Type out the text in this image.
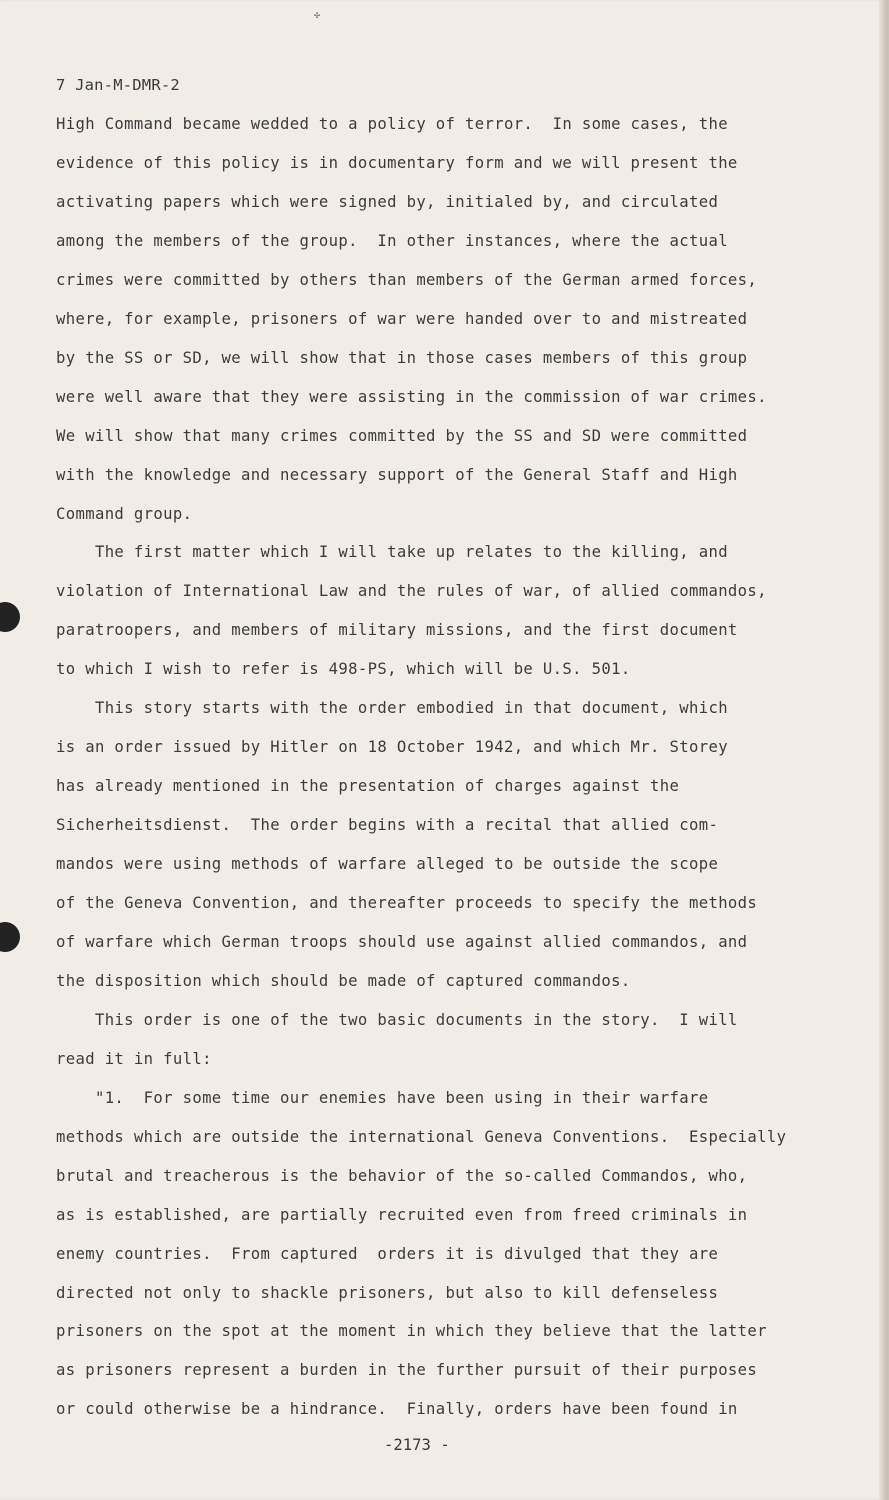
✣
7 Jan-M-DMR-2
High Command became wedded to a policy of terror.  In some cases, the
evidence of this policy is in documentary form and we will present the
activating papers which were signed by, initialed by, and circulated
among the members of the group.  In other instances, where the actual
crimes were committed by others than members of the German armed forces,
where, for example, prisoners of war were handed over to and mistreated
by the SS or SD, we will show that in those cases members of this group
were well aware that they were assisting in the commission of war crimes.
We will show that many crimes committed by the SS and SD were committed
with the knowledge and necessary support of the General Staff and High
Command group.
The first matter which I will take up relates to the killing, and
violation of International Law and the rules of war, of allied commandos,
paratroopers, and members of military missions, and the first document
to which I wish to refer is 498-PS, which will be U.S. 501.
This story starts with the order embodied in that document, which
is an order issued by Hitler on 18 October 1942, and which Mr. Storey
has already mentioned in the presentation of charges against the
Sicherheitsdienst.  The order begins with a recital that allied com-
mandos were using methods of warfare alleged to be outside the scope
of the Geneva Convention, and thereafter proceeds to specify the methods
of warfare which German troops should use against allied commandos, and
the disposition which should be made of captured commandos.
This order is one of the two basic documents in the story.  I will
read it in full:
"1.  For some time our enemies have been using in their warfare
methods which are outside the international Geneva Conventions.  Especially
brutal and treacherous is the behavior of the so-called Commandos, who,
as is established, are partially recruited even from freed criminals in
enemy countries.  From captured  orders it is divulged that they are
directed not only to shackle prisoners, but also to kill defenseless
prisoners on the spot at the moment in which they believe that the latter
as prisoners represent a burden in the further pursuit of their purposes
or could otherwise be a hindrance.  Finally, orders have been found in
-2173 -
